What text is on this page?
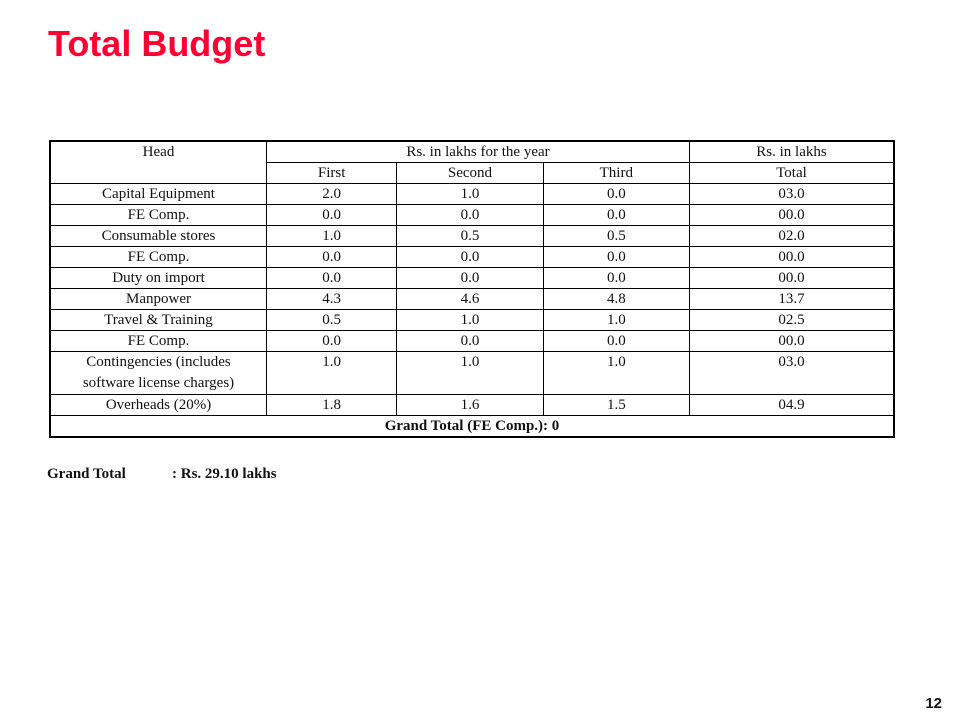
Total Budget
Head	Rs. in lakhs for the year			Rs. in lakhs
	First	Second	Third	Total
Capital Equipment	2.0	1.0	0.0	03.0
FE Comp.	0.0	0.0	0.0	00.0
Consumable stores	1.0	0.5	0.5	02.0
FE Comp.	0.0	0.0	0.0	00.0
Duty on import	0.0	0.0	0.0	00.0
Manpower	4.3	4.6	4.8	13.7
Travel & Training	0.5	1.0	1.0	02.5
FE Comp.	0.0	0.0	0.0	00.0

Contingencies (includes
software license charges)	1.0	1.0	1.0	03.0
Overheads (20%)	1.8	1.6	1.5	04.9
Grand Total (FE Comp.): 0				
Grand Total	: Rs. 29.10 lakhs
12
